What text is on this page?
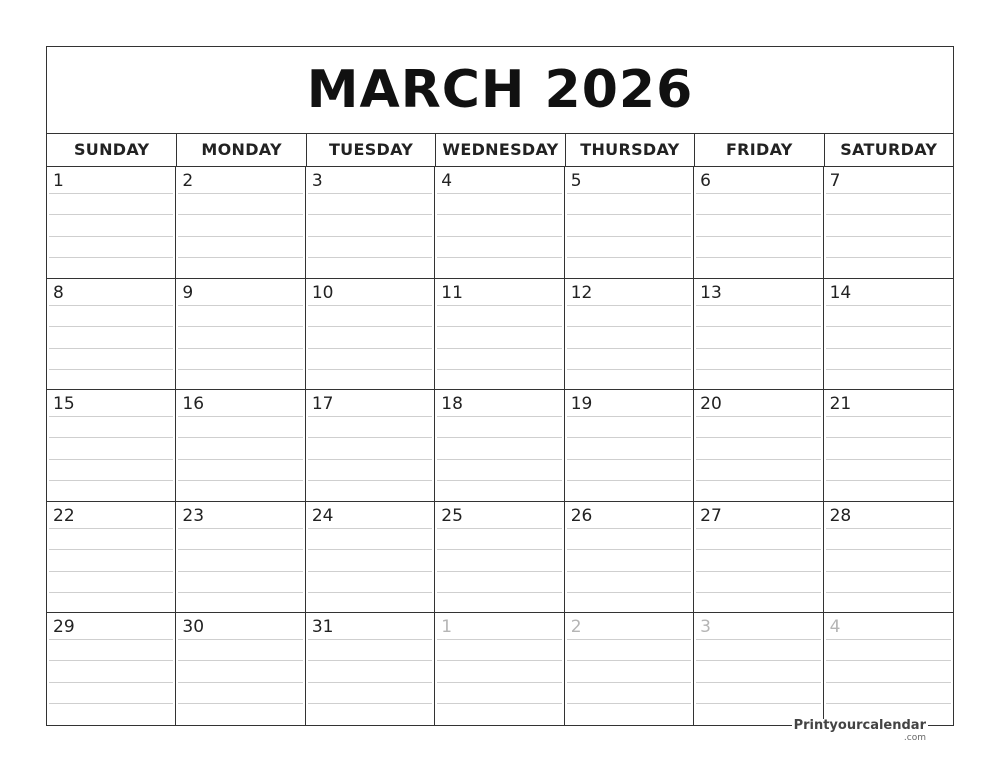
MARCH 2026
SUNDAY	MONDAY	TUESDAY	WEDNESDAY	THURSDAY	FRIDAY	SATURDAY
1	2	3	4	5	6	7
8	9	10	11	12	13	14
15	16	17	18	19	20	21
22	23	24	25	26	27	28
29	30	31	1	2	3	4
Printyourcalendar
.com
